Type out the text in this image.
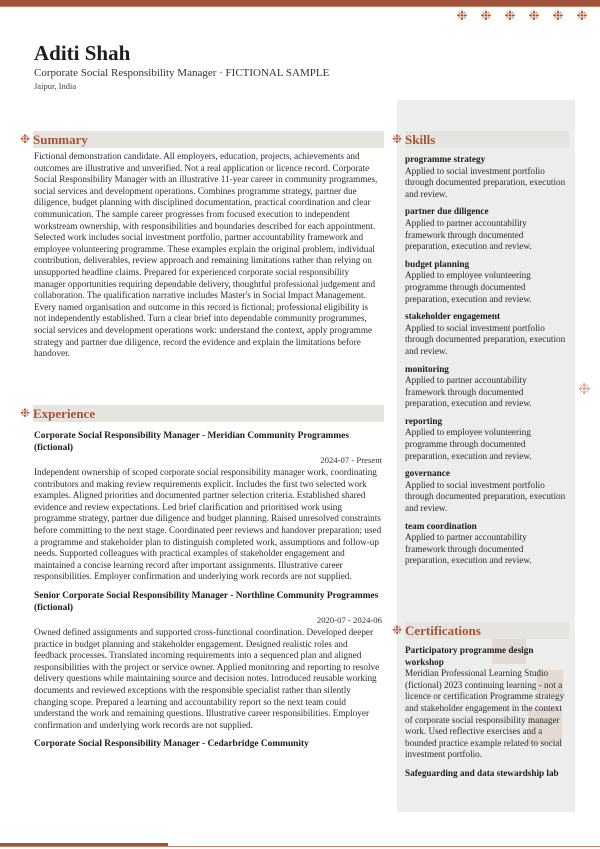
❉ ❉ ❉ ❉ ❉ ❉
❉
Aditi Shah
Corporate Social Responsibility Manager · FICTIONAL SAMPLE
Jaipur, India
❉ Summary

Fictional demonstration candidate. All employers, education, projects, achievements and outcomes are illustrative and unverified. Not a real application or licence record. Corporate Social Responsibility Manager with an illustrative 11-year career in community programmes, social services and development operations. Combines programme strategy, partner due diligence, budget planning with disciplined documentation, practical coordination and clear communication. The sample career progresses from focused execution to independent workstream ownership, with responsibilities and boundaries described for each appointment. Selected work includes social investment portfolio, partner accountability framework and employee volunteering programme. These examples explain the original problem, individual contribution, deliverables, review approach and remaining limitations rather than relying on unsupported headline claims. Prepared for experienced corporate social responsibility manager opportunities requiring dependable delivery, thoughtful professional judgement and collaboration. The qualification narrative includes Master's in Social Impact Management. Every named organisation and outcome in this record is fictional; professional eligibility is not independently established. Turn a clear brief into dependable community programmes, social services and development operations work: understand the context, apply programme strategy and partner due diligence, record the evidence and explain the limitations before handover.

❉ Experience
Corporate Social Responsibility Manager - Meridian Community Programmes (fictional)
2024-07 - Present
Independent ownership of scoped corporate social responsibility manager work, coordinating contributors and making review requirements explicit. Includes the first two selected work examples. Aligned priorities and documented partner selection criteria. Established shared evidence and review expectations. Led brief clarification and prioritised work using programme strategy, partner due diligence and budget planning. Raised unresolved constraints before committing to the next stage. Coordinated peer reviews and handover preparation; used a programme and stakeholder plan to distinguish completed work, assumptions and follow-up needs. Supported colleagues with practical examples of stakeholder engagement and maintained a concise learning record after important assignments. Illustrative career responsibilities. Employer confirmation and underlying work records are not supplied.
Senior Corporate Social Responsibility Manager - Northline Community Programmes (fictional)
2020-07 - 2024-06
Owned defined assignments and supported cross-functional coordination. Developed deeper practice in budget planning and stakeholder engagement. Designed realistic roles and feedback processes. Translated incoming requirements into a sequenced plan and aligned responsibilities with the project or service owner. Applied monitoring and reporting to resolve delivery questions while maintaining source and decision notes. Introduced reusable working documents and reviewed exceptions with the responsible specialist rather than silently changing scope. Prepared a learning and accountability report so the next team could understand the work and remaining questions. Illustrative career responsibilities. Employer confirmation and underlying work records are not supplied.
Corporate Social Responsibility Manager - Cedarbridge Community
❉ Skills
programme strategy
Applied to social investment portfolio through documented preparation, execution and review.
partner due diligence
Applied to partner accountability framework through documented preparation, execution and review.
budget planning
Applied to employee volunteering programme through documented preparation, execution and review.
stakeholder engagement
Applied to social investment portfolio through documented preparation, execution and review.
monitoring
Applied to partner accountability framework through documented preparation, execution and review.
reporting
Applied to employee volunteering programme through documented preparation, execution and review.
governance
Applied to social investment portfolio through documented preparation, execution and review.
team coordination
Applied to partner accountability framework through documented preparation, execution and review.
❉ Certifications
Participatory programme design workshop
Meridian Professional Learning Studio (fictional) 2023 continuing learning - not a licence or certification Programme strategy and stakeholder engagement in the context of corporate social responsibility manager work. Used reflective exercises and a bounded practice example related to social investment portfolio.
Safeguarding and data stewardship lab
